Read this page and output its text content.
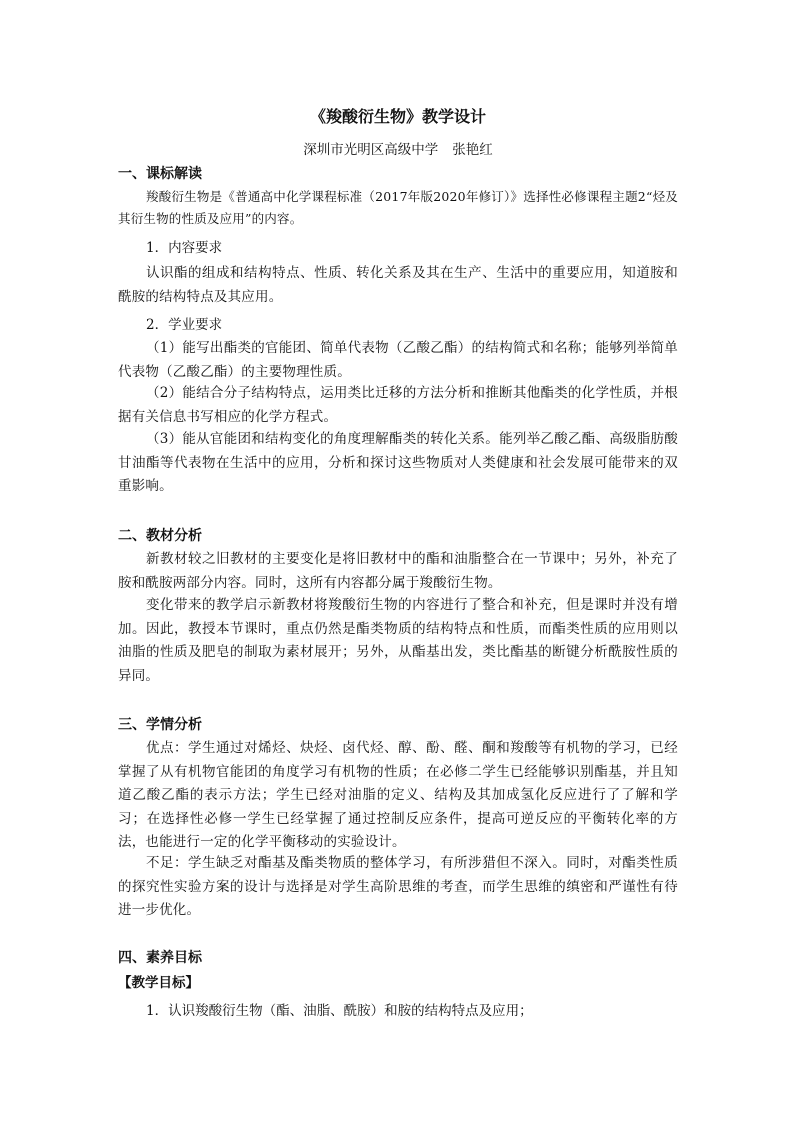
《羧酸衍生物》教学设计
深圳市光明区高级中学 张艳红
一、课标解读
羧酸衍生物是《普通高中化学课程标准（2017年版2020年修订）》选择性必修课程主题2“烃及其衍生物的性质及应用”的内容。
1．内容要求
认识酯的组成和结构特点、性质、转化关系及其在生产、生活中的重要应用，知道胺和酰胺的结构特点及其应用。
2．学业要求
（1）能写出酯类的官能团、简单代表物（乙酸乙酯）的结构简式和名称；能够列举简单代表物（乙酸乙酯）的主要物理性质。
（2）能结合分子结构特点，运用类比迁移的方法分析和推断其他酯类的化学性质，并根据有关信息书写相应的化学方程式。
（3）能从官能团和结构变化的角度理解酯类的转化关系。能列举乙酸乙酯、高级脂肪酸甘油酯等代表物在生活中的应用，分析和探讨这些物质对人类健康和社会发展可能带来的双重影响。
二、教材分析
新教材较之旧教材的主要变化是将旧教材中的酯和油脂整合在一节课中；另外，补充了胺和酰胺两部分内容。同时，这所有内容都分属于羧酸衍生物。
变化带来的教学启示新教材将羧酸衍生物的内容进行了整合和补充，但是课时并没有增加。因此，教授本节课时，重点仍然是酯类物质的结构特点和性质，而酯类性质的应用则以油脂的性质及肥皂的制取为素材展开；另外，从酯基出发，类比酯基的断键分析酰胺性质的异同。
三、学情分析
优点：学生通过对烯烃、炔烃、卤代烃、醇、酚、醛、酮和羧酸等有机物的学习，已经掌握了从有机物官能团的角度学习有机物的性质；在必修二学生已经能够识别酯基，并且知道乙酸乙酯的表示方法；学生已经对油脂的定义、结构及其加成氢化反应进行了了解和学习；在选择性必修一学生已经掌握了通过控制反应条件，提高可逆反应的平衡转化率的方法，也能进行一定的化学平衡移动的实验设计。
不足：学生缺乏对酯基及酯类物质的整体学习，有所涉猎但不深入。同时，对酯类性质的探究性实验方案的设计与选择是对学生高阶思维的考查，而学生思维的缜密和严谨性有待进一步优化。
四、素养目标
【教学目标】
1．认识羧酸衍生物（酯、油脂、酰胺）和胺的结构特点及应用；
